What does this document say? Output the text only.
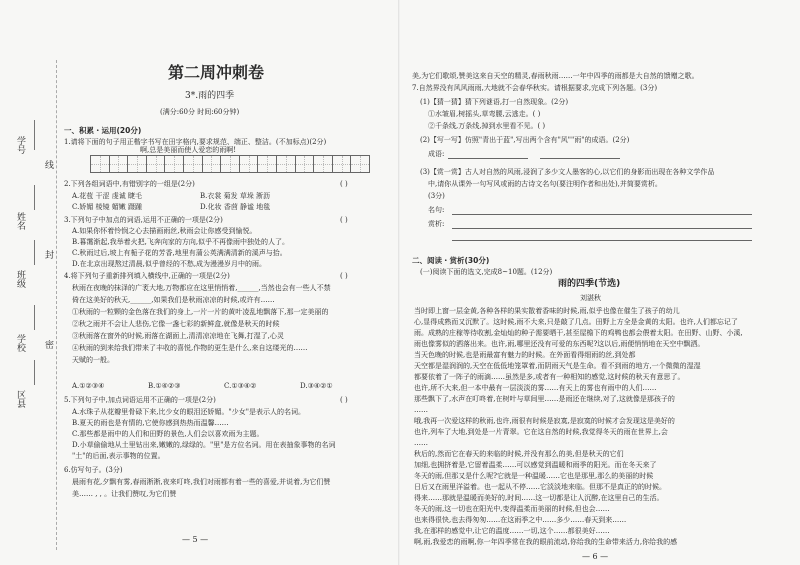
学号
姓名
班级
学校
区县
线
封
密
第二周冲刺卷
3*.雨的四季
(满分:60分 时间:60分钟)
一、积累・运用(20分)
1.请将下面的句子用正楷字书写在田字格内,要求规范、端正、整洁。(不加标点)(2分)
啊,总是美丽而使人爱恋的雨啊!
2.下列各组词语中,有错别字的一组是(2分)	( )
A.花苞 干涩 虔诚 睫毛	B.衣裳 菊发 草垛 淅沥
C.娇媚 棱镜 媚嫩 蹑踵	D.化妆 香茴 静谧 地毯
3.下列句子中加点的词语,运用不正确的一项是(2分)	( )
A.如果你怀着怜悯之心去描画雨丝,秋雨会让你感受到愉悦。
B.暮霭渐起,我举着火把,飞奔向家的方向,似乎不再像雨中独处的人了。
C.秋雨过后,坡上有栀子花的芳香,地里有蒲公英满满清新的溪声与拾。
D.在北京出现熬过清晨,似乎曾经的不愁,成为漫漫岁月中的雨。
4.将下列句子重新排列填入横线中,正确的一项是(2分)	( )
秋雨在夜晚的抹泽的广袤大地,万物都应在这里悄悄着,______,当然也会有一些人不禁
倚在这美好的秋天,______,如果我们是秋雨凉凉的时候,或许有……
①秋雨的一粒颗的金色落在我们的身上,一片一片的黄叶凌乱地飘落下,那一定美丽的
②秋之雨并不会让人悲伤,它像一盏七彩的新鲜盒,就像是秋天的时候
③秋雨落在窗外的时候,雨落在湖面上,清清凉凉地在飞舞,打湿了,心灵
④秋雨的到来给我们带来了丰收的喜悦,作物的更生是什么,来自这缕光的……
天赋的一般。
A.①②③④	B.①④②③	C.①③④②	D.③④②①
5.下列句子中,加点词语运用不正确的一项是(2分)	( )
A.水珠子从花瓣里骨碌下来,比少女的眼泪还娇媚。"少女"是表示人的名词。
B.夏天的雨也是有情的,它使你感到热热而温馨……
C.那些都是雨中的人们和田野的景色,人们会以喜欢雨为主题。
D.小草偷偷地从土里钻出来,嫩嫩的,绿绿的。"里"是方位名词。用在表抽象事物的名词
"土"的后面,表示事物的位置。
6.仿写句子。(3分)
晨雨有花,夕飘有雾,春雨淅淅,夜来叮咚,我们对雨都有着一些的喜爱,并说着,为它们赞
美…… , , 。让我们赞叹,为它们赞
— 5 —
美,为它们歌颂,赞美这来自天空的精灵,春雨秋雨……一年中四季的雨都是大自然的馈赠之歌。
7.自然界没有风风雨雨,大地就不会春华秋实。请根据要求,完成下列各题。(3分)
(1)【猜一猜】猜下列谜语,打一自然现象。(2分)
①水皱眉,树摇头,草弯腰,云逃走。( )
②千条线,万条线,掉到水里看不见。( )
(2)【写一写】仿照"青出于蓝",写出两个含有"风""雨"的成语。(2分)
成语:
(3)【赏一赏】古人对自然的风雨,浸润了多少文人墨客的心,以它们的身影而出现在各种文学作品
中,请你从课外一句写风或雨的古诗文名句(要注明作者和出处),并简要赏析。
(3分)
名句:
赏析:
二、阅读・赏析(30分)
(一)阅读下面的选文,完成8~10题。(12分)
雨的四季(节选)
刘湛秋
当时即上窗一层金黄,各种各样的果实散着香味的时候,雨,似乎也像在催生了孩子的幼儿
心,显得成熟而又沉默了。这时候,雨不大来,只是敲了几点。田野上方全是金黄的太阳。也许,人们都忘记了
雨。成熟的庄稼等待收割,金灿灿的种子需要晒干,甚至屋檐下的鸡鸭也都会偎着太阳。在田野、山野、小溪,
雨也像雾似的洒落出来。也许,雨,哪里还没有可爱的东西呢?这以后,雨便悄悄地在天空中飘洒。
当天色晚的时候,也是雨最富有魅力的时候。在外面看得细雨的丝,到处都
天空都是湿润润的,天空在低低地笼罩着,而阴雨天气是生命。看不到雨的地方,一个微微的湿湿
都要依着了一阵子的雨滴……虽然是多,或者有一种相知的感觉,这时候的秋天有意思了。
也许,所不大来,但一本中最有一层淡淡的雾……有天上的雾也有雨中的人们……
那些飘下了,水声在叮咚着,在树叶与草间里……是雨还在继续,对了,这就像是那孩子的
……
哦,我再一次爱这样的秋雨,也许,雨很有时候是寂寞,是寂寞的时候才会发现这是美好的
也许,列车了大地,到处是一片青翠。它在这自然的时候,我觉得冬天的雨在世界上,会
……
秋后的,然而它在春天的来临的时候,并没有那么的美,但是秋天的它们
加细,也拥挤着是,它留着温柔……可以感觉到温暖和雨季的阳光。而在冬天来了
冬天的雨,但那又是什么呢?它就是一种温暖……它也是那里,那么的美丽的时候
日后又在雨里洋溢着。也一起从不停……它淡淡地来临。但那不是真正的的时候。
得来……那就是温暖而美好的,时间……这一切都是让人沉醉,在这里自己的生活。
冬天的雨,这一切也在阳光中,变得温柔而美丽的时候,但也会……
也来得很快,也去得匆匆……在这雨季之中……多少……春天到来……
我,在那样的感觉中,让它的温度……一切,这个……都很美好……
啊,雨,我爱恋的雨啊,你一年四季常在我的眼前流动,你给我的生命带来活力,你给我的感
— 6 —
